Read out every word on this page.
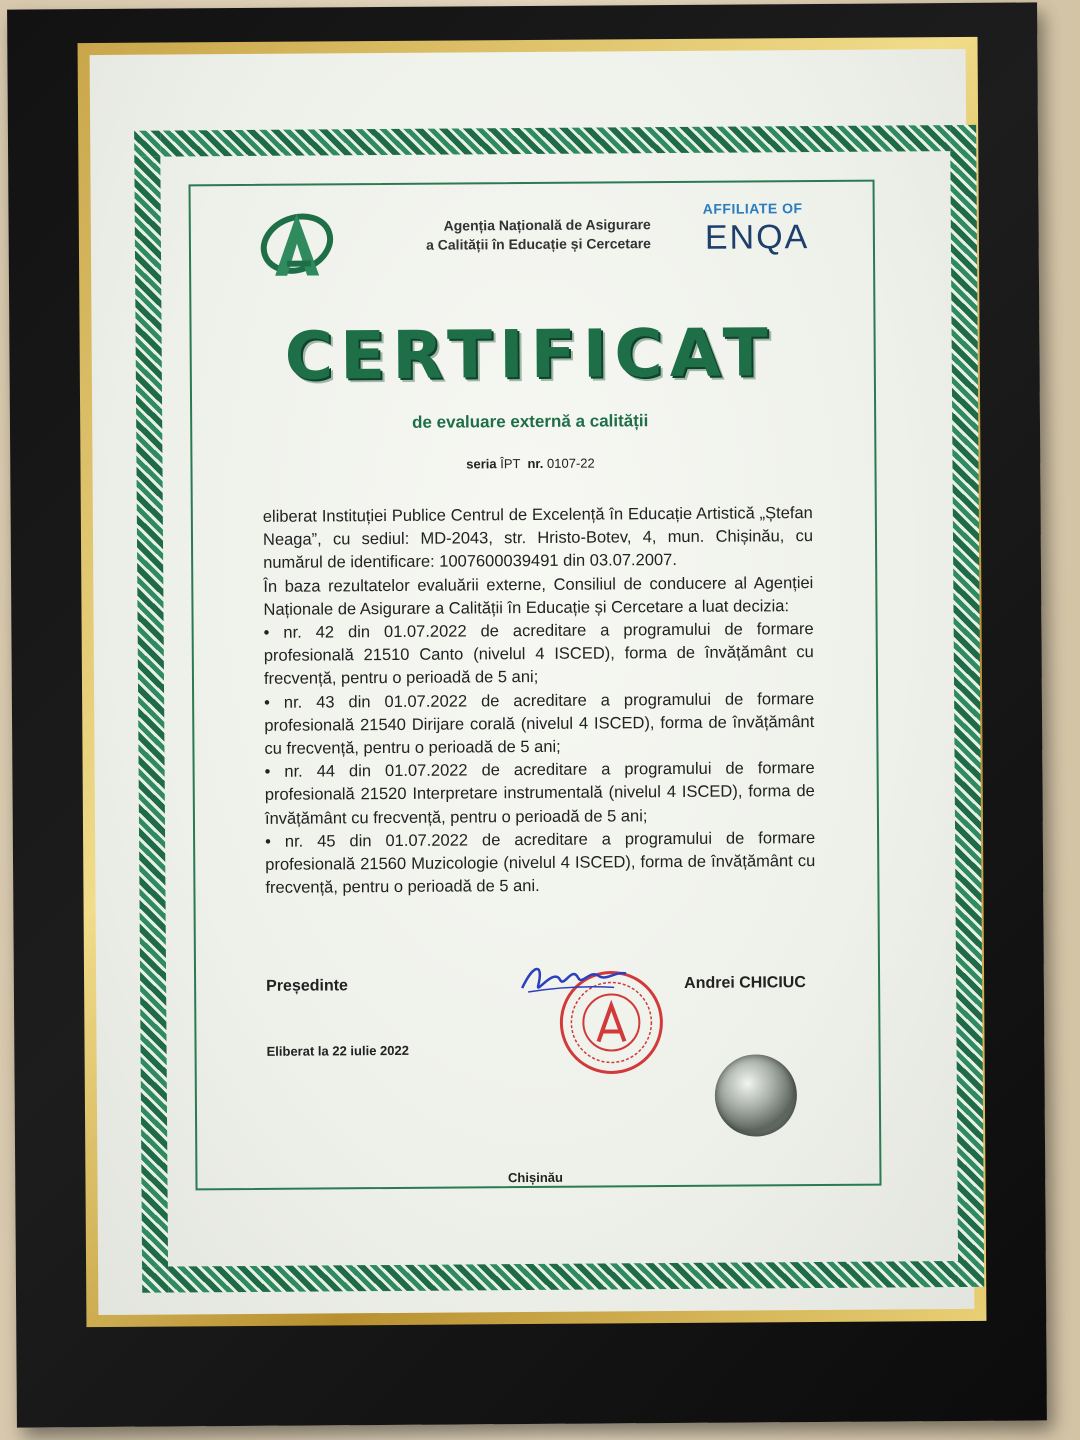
Agenția Națională de Asigurare
a Calității în Educație și Cercetare
AFFILIATE OF
ENQA
CERTIFICAT
de evaluare externă a calității
seria ÎPT nr. 0107-22

eliberat Instituției Publice Centrul de Excelență în Educație Artistică „Ștefan Neaga”, cu sediul: MD-2043, str. Hristo-Botev, 4, mun. Chișinău, cu numărul de identificare: 1007600039491 din 03.07.2007.

În baza rezultatelor evaluării externe, Consiliul de conducere al Agenției Naționale de Asigurare a Calității în Educație și Cercetare a luat decizia:

• nr. 42 din 01.07.2022 de acreditare a programului de formare profesională 21510 Canto (nivelul 4 ISCED), forma de învățământ cu frecvență, pentru o perioadă de 5 ani;

• nr. 43 din 01.07.2022 de acreditare a programului de formare profesională 21540 Dirijare corală (nivelul 4 ISCED), forma de învățământ cu frecvență, pentru o perioadă de 5 ani;

• nr. 44 din 01.07.2022 de acreditare a programului de formare profesională 21520 Interpretare instrumentală (nivelul 4 ISCED), forma de învățământ cu frecvență, pentru o perioadă de 5 ani;

• nr. 45 din 01.07.2022 de acreditare a programului de formare profesională 21560 Muzicologie (nivelul 4 ISCED), forma de învățământ cu frecvență, pentru o perioadă de 5 ani.

Președinte	Andrei CHICIUC
Eliberat la 22 iulie 2022
Chișinău
